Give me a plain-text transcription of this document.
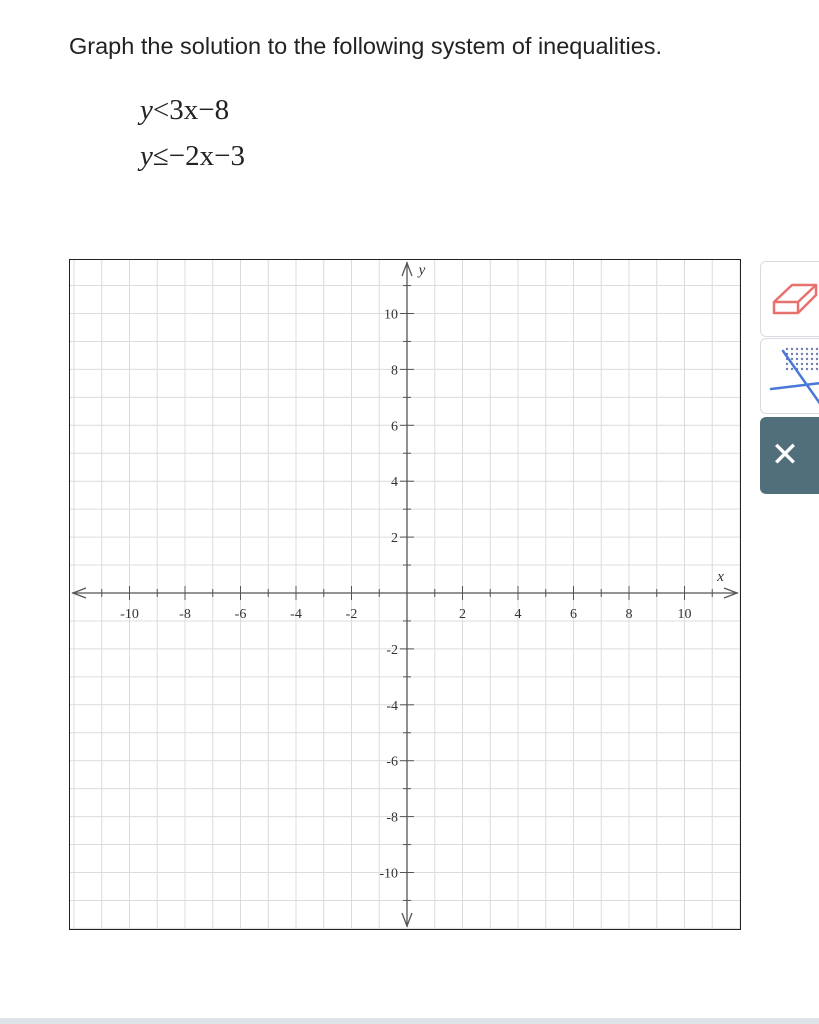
Graph the solution to the following system of inequalities.
y<3x−8
y≤−2x−3
-10	-8	-6	-4	-2	2	4	6	8	10
10
8
6
4
2
-2
-4
-6
-8
-10
x
y
✕
